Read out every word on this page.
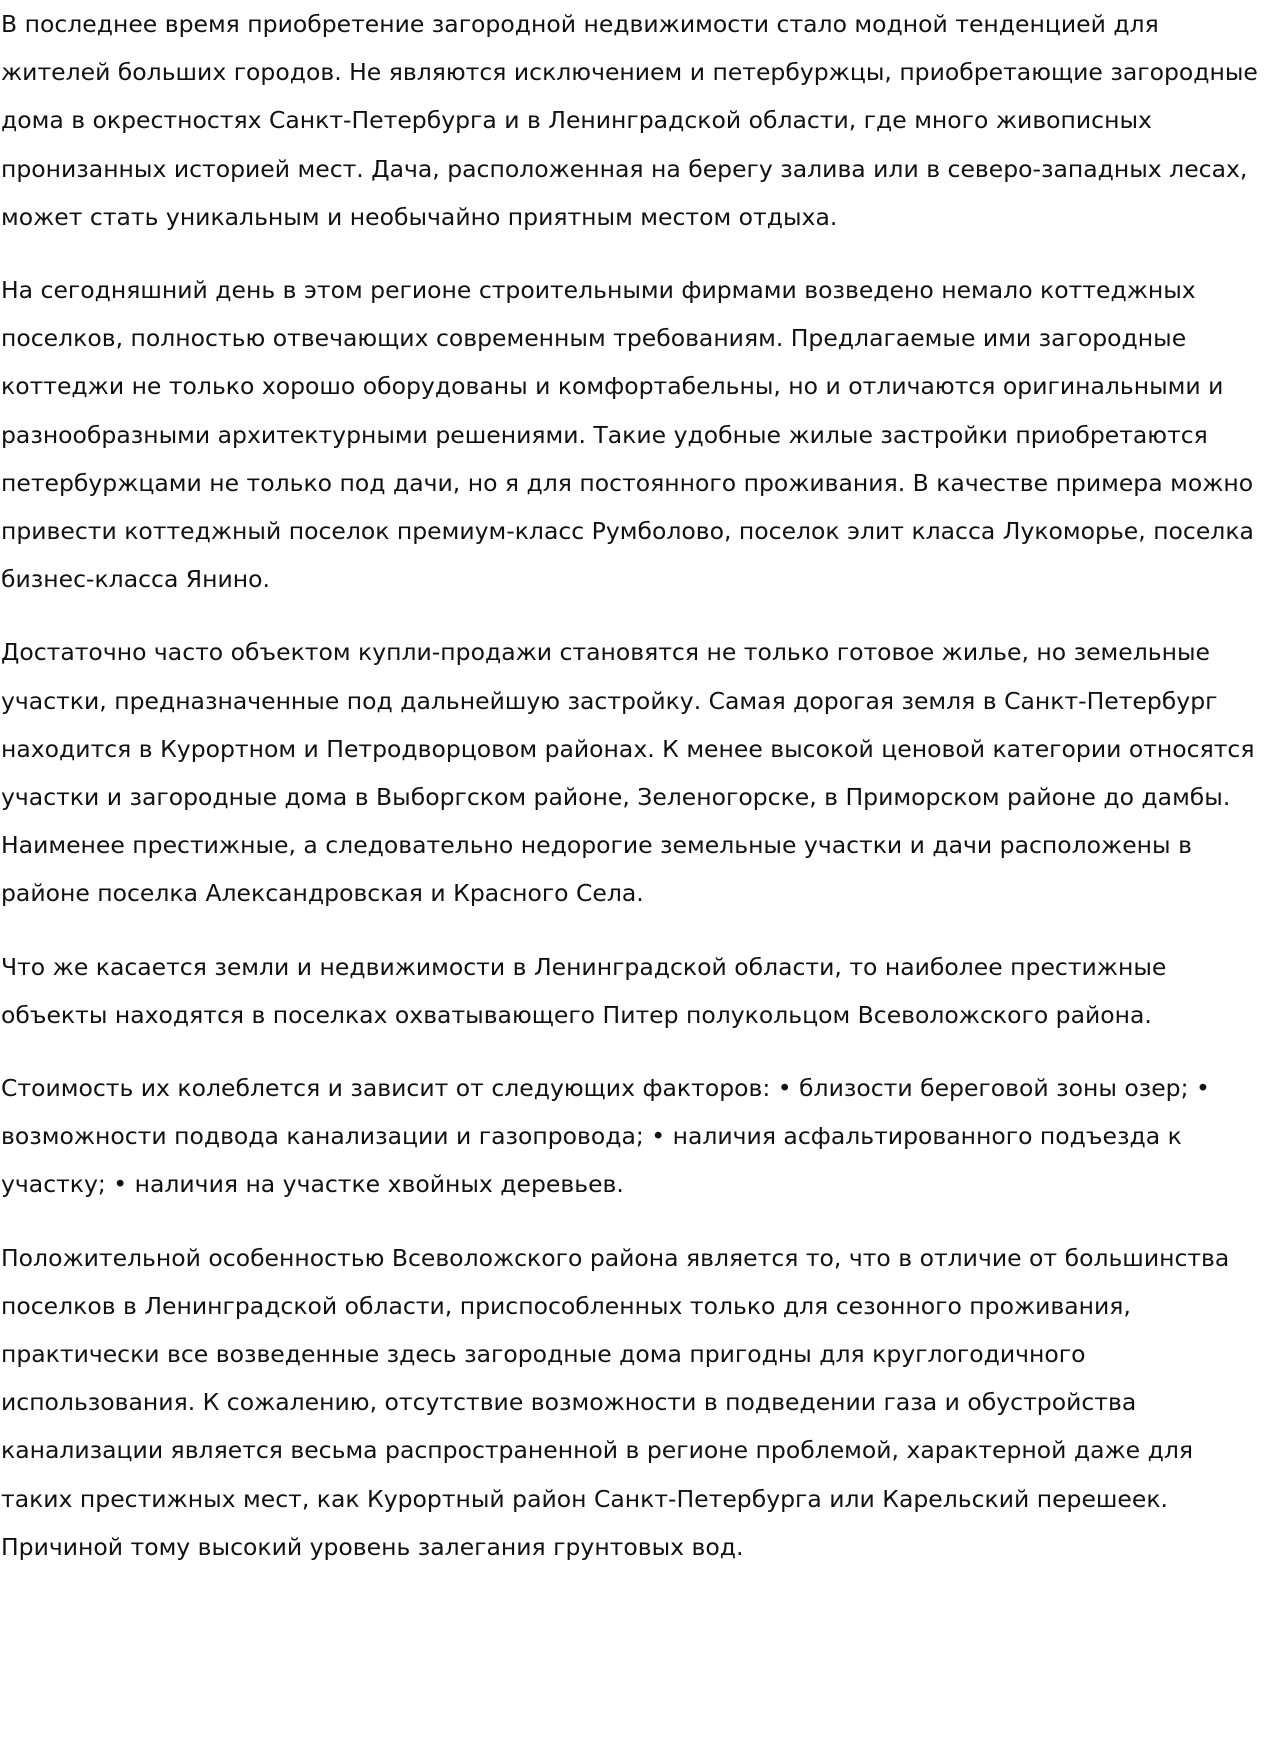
В последнее время приобретение загородной недвижимости стало модной тенденцией для жителей больших городов. Не являются исключением и петербуржцы, приобретающие загородные дома в окрестностях Санкт-Петербурга и в Ленинградской области, где много живописных пронизанных историей мест. Дача, расположенная на берегу залива или в северо-западных лесах, может стать уникальным и необычайно приятным местом отдыха.

На сегодняшний день в этом регионе строительными фирмами возведено немало коттеджных поселков, полностью отвечающих современным требованиям. Предлагаемые ими загородные коттеджи не только хорошо оборудованы и комфортабельны, но и отличаются оригинальными и разнообразными архитектурными решениями. Такие удобные жилые застройки приобретаются петербуржцами не только под дачи, но я для постоянного проживания. В качестве примера можно привести коттеджный поселок премиум-класс Румболово, поселок элит класса Лукоморье, поселка бизнес-класса Янино.

Достаточно часто объектом купли-продажи становятся не только готовое жилье, но земельные участки, предназначенные под дальнейшую застройку. Самая дорогая земля в Санкт-Петербург находится в Курортном и Петродворцовом районах. К менее высокой ценовой категории относятся участки и загородные дома в Выборгском районе, Зеленогорске, в Приморском районе до дамбы. Наименее престижные, а следовательно недорогие земельные участки и дачи расположены в районе поселка Александровская и Красного Села.

Что же касается земли и недвижимости в Ленинградской области, то наиболее престижные объекты находятся в поселках охватывающего Питер полукольцом Всеволожского района.

Стоимость их колеблется и зависит от следующих факторов: • близости береговой зоны озер; • возможности подвода канализации и газопровода; • наличия асфальтированного подъезда к участку; • наличия на участке хвойных деревьев.

Положительной особенностью Всеволожского района является то, что в отличие от большинства поселков в Ленинградской области, приспособленных только для сезонного проживания, практически все возведенные здесь загородные дома пригодны для круглогодичного использования. К сожалению, отсутствие возможности в подведении газа и обустройства канализации является весьма распространенной в регионе проблемой, характерной даже для таких престижных мест, как Курортный район Санкт-Петербурга или Карельский перешеек. Причиной тому высокий уровень залегания грунтовых вод.
